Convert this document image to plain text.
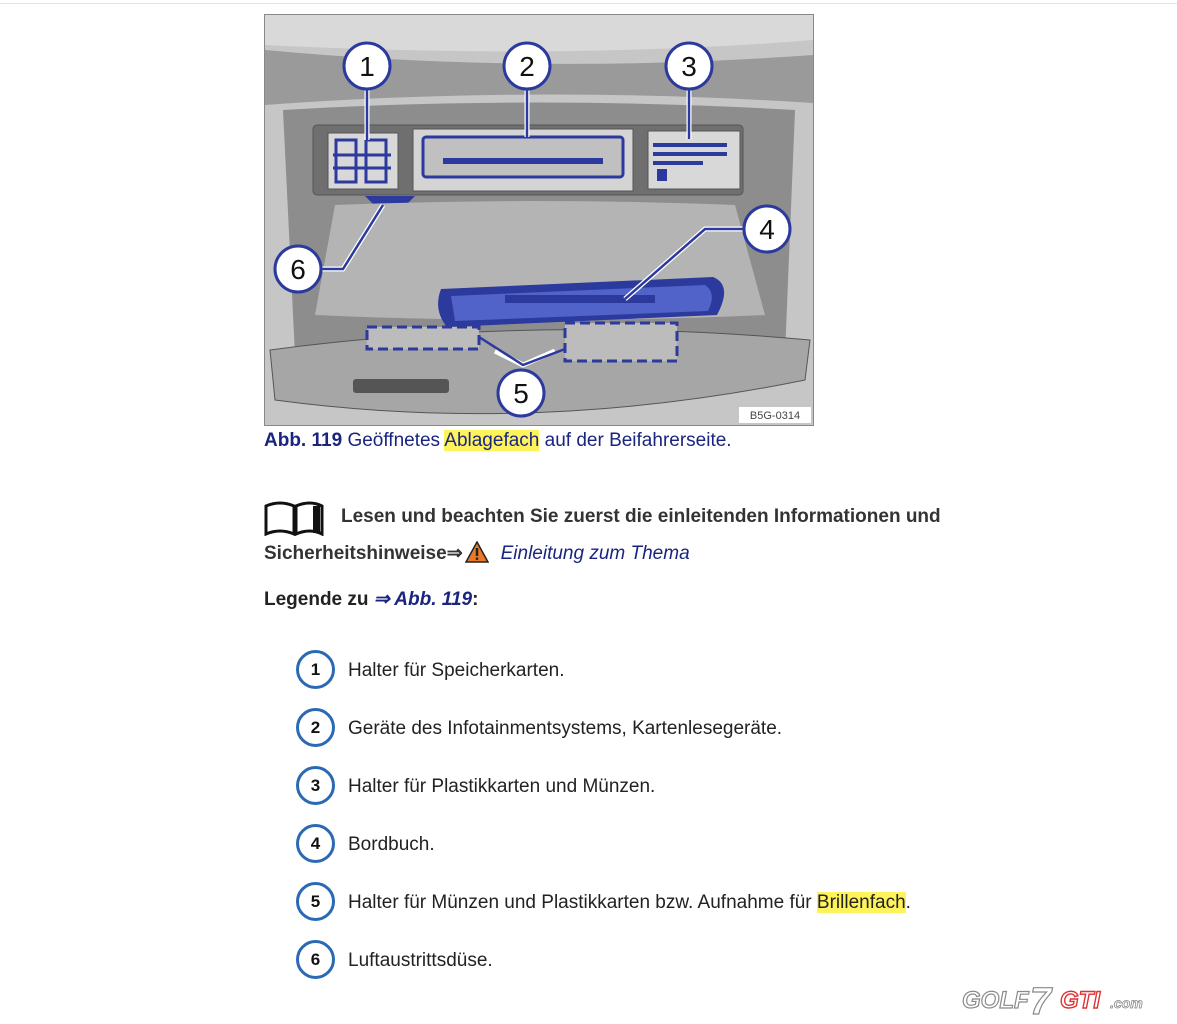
1	2	3
4
5
6
B5G-0314
Abb. 119 Geöffnetes Ablagefach auf der Beifahrerseite.
Lesen und beachten Sie zuerst die einleitenden Informationen und
Sicherheitshinweise⇒ Einleitung zum Thema
Legende zu ⇒ Abb. 119:
1	Halter für Speicherkarten.
2	Geräte des Infotainmentsystems, Kartenlesegeräte.
3	Halter für Plastikkarten und Münzen.
4	Bordbuch.
5	Halter für Münzen und Plastikkarten bzw. Aufnahme für Brillenfach.
6	Luftaustrittsdüse.
GOLF 7 GTI .com
